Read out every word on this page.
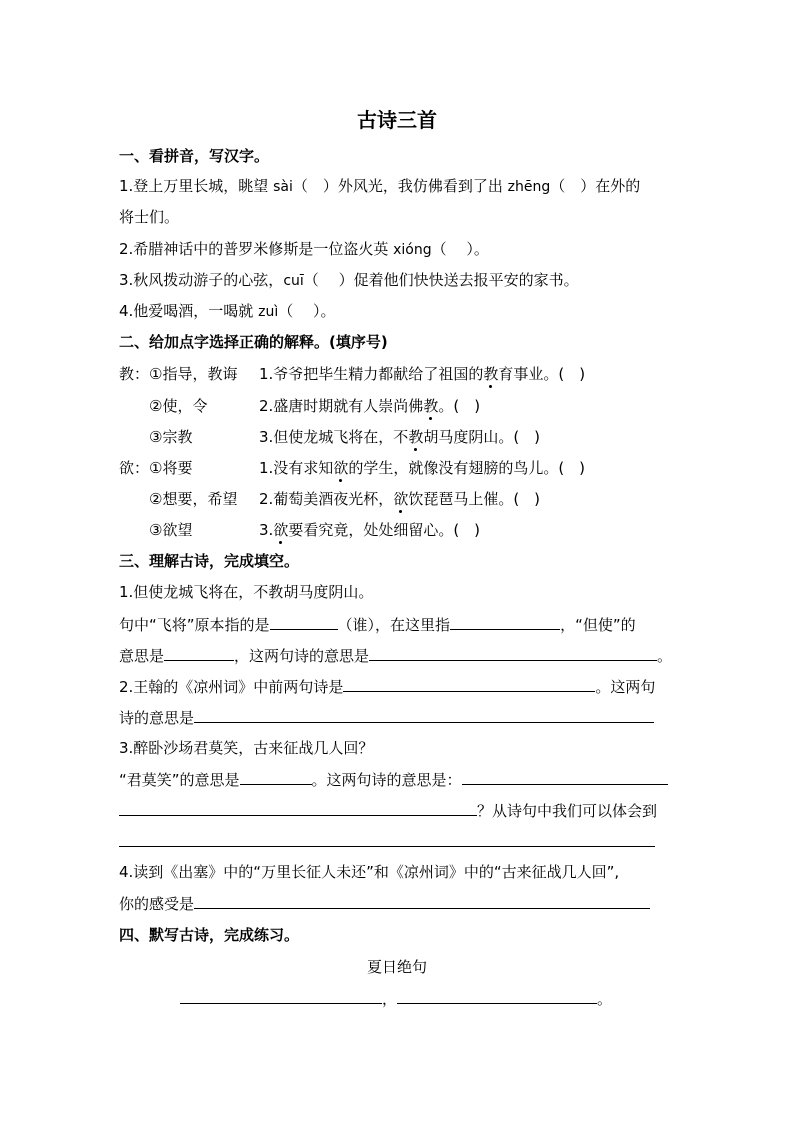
古诗三首
一、看拼音，写汉字。
1.登上万里长城，眺望 sài（　）外风光，我仿佛看到了出 zhēng（　）在外的
将士们。
2.希腊神话中的普罗米修斯是一位盗火英 xióng（　 ）。
3.秋风拨动游子的心弦，cuī（　 ）促着他们快快送去报平安的家书。
4.他爱喝酒，一喝就 zuì（　 ）。
二、给加点字选择正确的解释。(填序号)
教：①指导，教诲 1.爷爷把毕生精力都献给了祖国的教育事业。(　)
②使，令	2.盛唐时期就有人崇尚佛教。(　)
③宗教	3.但使龙城飞将在，不教胡马度阴山。(　)
欲：①将要	1.没有求知欲的学生，就像没有翅膀的鸟儿。(　)
②想要，希望 2.葡萄美酒夜光杯，欲饮琵琶马上催。(　)
③欲望	3.欲要看究竟，处处细留心。(　)
三、理解古诗，完成填空。
1.但使龙城飞将在，不教胡马度阴山。
句中“飞将”原本指的是	（谁），在这里指	，“但使”的
意思是	，这两句诗的意思是	。
2.王翰的《凉州词》中前两句诗是	。这两句
诗的意思是
3.醉卧沙场君莫笑，古来征战几人回？
“君莫笑”的意思是	。这两句诗的意思是：
？从诗句中我们可以体会到
4.读到《出塞》中的“万里长征人未还”和《凉州词》中的“古来征战几人回”,
你的感受是
四、默写古诗，完成练习。
夏日绝句
，	。
